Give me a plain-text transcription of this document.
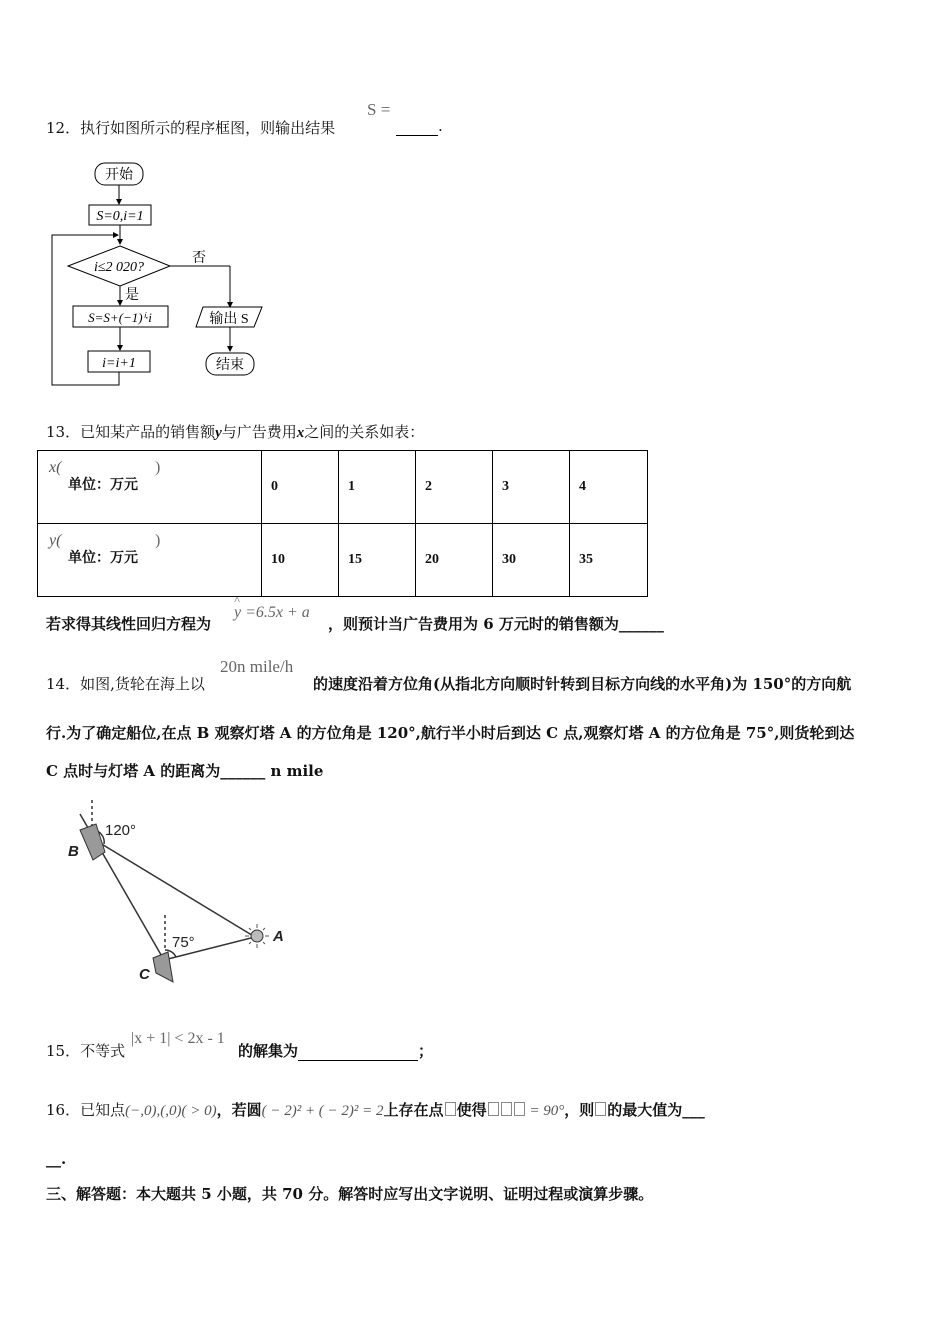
12．执行如图所示的程序框图，则输出结果
S =
.
开始
S=0,i=1
i≤2 020?
否
是
S=S+(−1)ⁱ·i
i=i+1
输出 S
结束
13．已知某产品的销售额y与广告费用x之间的关系如表：
x(
单位：万元
)	0	1	2	3	4

y(
单位：万元
)	10	15	20	30	35
若求得其线性回归方程为
^
y =6.5x + a
，则预计当广告费用为 6 万元时的销售额为______
14．如图,货轮在海上以
20n mile/h
的速度沿着方位角(从指北方向顺时针转到目标方向线的水平角)为 150°的方向航
行.为了确定船位,在点 B 观察灯塔 A 的方位角是 120°,航行半小时后到达 C 点,观察灯塔 A 的方位角是 75°,则货轮到达
C 点时与灯塔 A 的距离为______ n mile
120°
75°	A
B
C
15．不等式
|x + 1| < 2x - 1
的解集为	；
16．已知点(−,0),(,0)( > 0)，若圆( − 2)² + ( − 2)² = 2上存在点 使得	= 90°，则 的最大值为___
__.
三、解答题：本大题共 5 小题，共 70 分。解答时应写出文字说明、证明过程或演算步骤。
